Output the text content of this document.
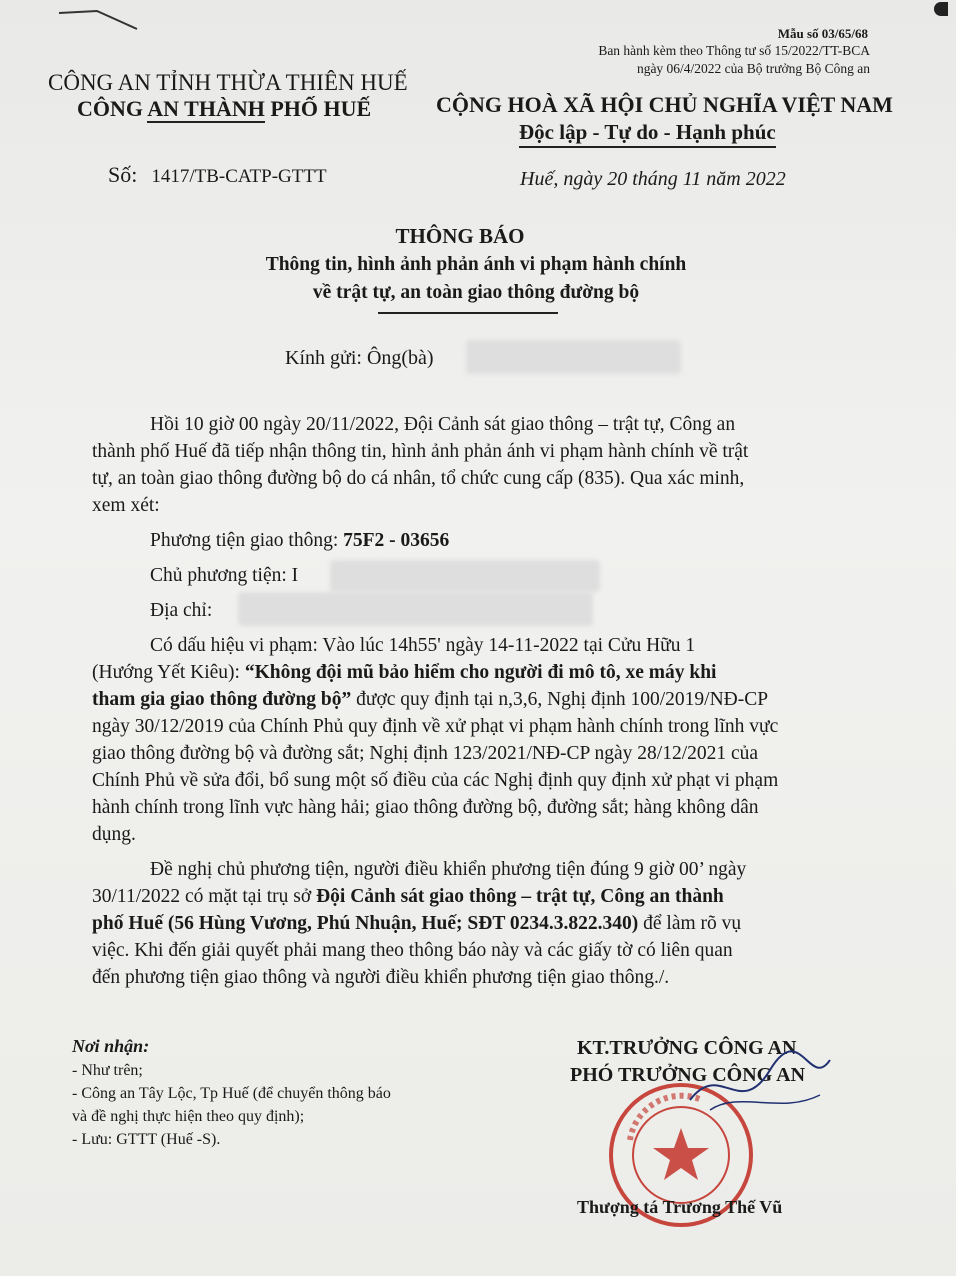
Mẫu số 03/65/68
Ban hành kèm theo Thông tư số 15/2022/TT-BCA
ngày 06/4/2022 của Bộ trưởng Bộ Công an
CÔNG AN TỈNH THỪA THIÊN HUẾ
CÔNG AN THÀNH PHỐ HUẾ	CỘNG HOÀ XÃ HỘI CHỦ NGHĨA VIỆT NAM
Độc lập - Tự do - Hạnh phúc
Số: 1417/TB-CATP-GTTT	Huế, ngày 20 tháng 11 năm 2022
THÔNG BÁO
Thông tin, hình ảnh phản ánh vi phạm hành chính
về trật tự, an toàn giao thông đường bộ
Kính gửi: Ông(bà)
Hồi 10 giờ 00 ngày 20/11/2022, Đội Cảnh sát giao thông – trật tự, Công an
thành phố Huế đã tiếp nhận thông tin, hình ảnh phản ánh vi phạm hành chính về trật
tự, an toàn giao thông đường bộ do cá nhân, tổ chức cung cấp (835). Qua xác minh,
xem xét:
Phương tiện giao thông: 75F2 - 03656
Chủ phương tiện: I
Địa chỉ:
Có dấu hiệu vi phạm: Vào lúc 14h55' ngày 14-11-2022 tại Cửu Hữu 1
(Hướng Yết Kiêu): “Không đội mũ bảo hiểm cho người đi mô tô, xe máy khi
tham gia giao thông đường bộ” được quy định tại n,3,6, Nghị định 100/2019/NĐ-CP
ngày 30/12/2019 của Chính Phủ quy định về xử phạt vi phạm hành chính trong lĩnh vực
giao thông đường bộ và đường sắt; Nghị định 123/2021/NĐ-CP ngày 28/12/2021 của
Chính Phủ về sửa đổi, bổ sung một số điều của các Nghị định quy định xử phạt vi phạm
hành chính trong lĩnh vực hàng hải; giao thông đường bộ, đường sắt; hàng không dân
dụng.
Đề nghị chủ phương tiện, người điều khiển phương tiện đúng 9 giờ 00’ ngày
30/11/2022 có mặt tại trụ sở Đội Cảnh sát giao thông – trật tự, Công an thành
phố Huế (56 Hùng Vương, Phú Nhuận, Huế; SĐT 0234.3.822.340) để làm rõ vụ
việc. Khi đến giải quyết phải mang theo thông báo này và các giấy tờ có liên quan
đến phương tiện giao thông và người điều khiển phương tiện giao thông./.
Nơi nhận:
- Như trên;
- Công an Tây Lộc, Tp Huế (để chuyển thông báo
và đề nghị thực hiện theo quy định);
- Lưu: GTTT (Huế -S).
KT.TRƯỞNG CÔNG AN
PHÓ TRƯỞNG CÔNG AN
Thượng tá Trương Thế Vũ
